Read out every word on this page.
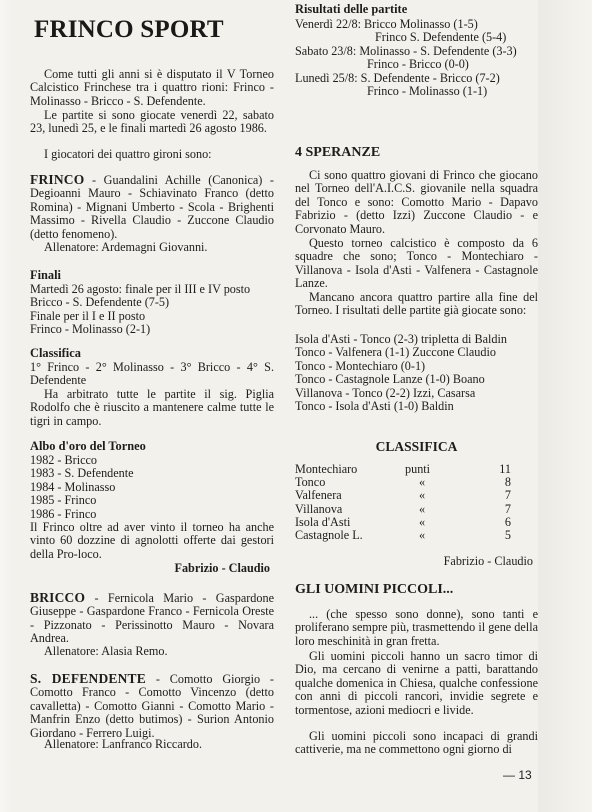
FRINCO SPORT

Come tutti gli anni si è disputato il V Torneo Calcistico Frinchese tra i quattro rioni: Frinco - Molinasso - Bricco - S. Defendente.

Le partite si sono giocate venerdì 22, sabato 23, lunedì 25, e le finali martedì 26 agosto 1986.

I giocatori dei quattro gironi sono:

FRINCO - Guandalini Achille (Canonica) - Degioanni Mauro - Schiavinato Franco (detto Romina) - Mignani Umberto - Scola - Brighenti Massimo - Rivella Claudio - Zuccone Claudio (detto fenomeno).

Allenatore: Ardemagni Giovanni.

Finali

Martedì 26 agosto: finale per il III e IV posto

Bricco - S. Defendente (7-5)

Finale per il I e II posto

Frinco - Molinasso (2-1)

Classifica

1° Frinco - 2° Molinasso - 3° Bricco - 4° S. Defendente

Ha arbitrato tutte le partite il sig. Piglia Rodolfo che è riuscito a mantenere calme tutte le tigri in campo.

Albo d'oro del Torneo

1982 - Bricco

1983 - S. Defendente

1984 - Molinasso

1985 - Frinco

1986 - Frinco

Il Frinco oltre ad aver vinto il torneo ha anche vinto 60 dozzine di agnolotti offerte dai gestori della Pro-loco.

Fabrizio - Claudio

BRICCO - Fernicola Mario - Gaspardone Giuseppe - Gaspardone Franco - Fernicola Oreste - Pizzonato - Perissinotto Mauro - Novara Andrea.

Allenatore: Alasia Remo.

S. DEFENDENTE - Comotto Giorgio - Comotto Franco - Comotto Vincenzo (detto cavalletta) - Comotto Gianni - Comotto Mario - Manfrin Enzo (detto butimos) - Surion Antonio Giordano - Ferrero Luigi.

Allenatore: Lanfranco Riccardo.

Risultati delle partite

Venerdì 22/8: Bricco Molinasso (1-5)

Frinco S. Defendente (5-4)

Sabato 23/8: Molinasso - S. Defendente (3-3)

Frinco - Bricco (0-0)

Lunedì 25/8: S. Defendente - Bricco (7-2)

Frinco - Molinasso (1-1)

4 SPERANZE

Ci sono quattro giovani di Frinco che giocano nel Torneo dell'A.I.C.S. giovanile nella squadra del Tonco e sono: Comotto Mario - Dapavo Fabrizio - (detto Izzi) Zuccone Claudio - e Corvonato Mauro.

Questo torneo calcistico è composto da 6 squadre che sono; Tonco - Montechiaro - Villanova - Isola d'Asti - Valfenera - Castagnole Lanze.

Mancano ancora quattro partire alla fine del Torneo. I risultati delle partite già giocate sono:

Isola d'Asti - Tonco (2-3) tripletta di Baldin

Tonco - Valfenera (1-1) Zuccone Claudio

Tonco - Montechiaro (0-1)

Tonco - Castagnole Lanze (1-0) Boano

Villanova - Tonco (2-2) Izzi, Casarsa

Tonco - Isola d'Asti (1-0) Baldin

CLASSIFICA

Montechiaro	punti	11
Tonco	«	8
Valfenera	«	7
Villanova	«	7
Isola d'Asti	«	6
Castagnole L.	«	5

Fabrizio - Claudio

GLI UOMINI PICCOLI...

... (che spesso sono donne), sono tanti e proliferano sempre più, trasmettendo il gene della loro meschinità in gran fretta.

Gli uomini piccoli hanno un sacro timor di Dio, ma cercano di venirne a patti, barattando qualche domenica in Chiesa, qualche confessione con anni di piccoli rancori, invidie segrete e tormentose, azioni mediocri e livide.

Gli uomini piccoli sono incapaci di grandi cattiverie, ma ne commettono ogni giorno di

— 13
